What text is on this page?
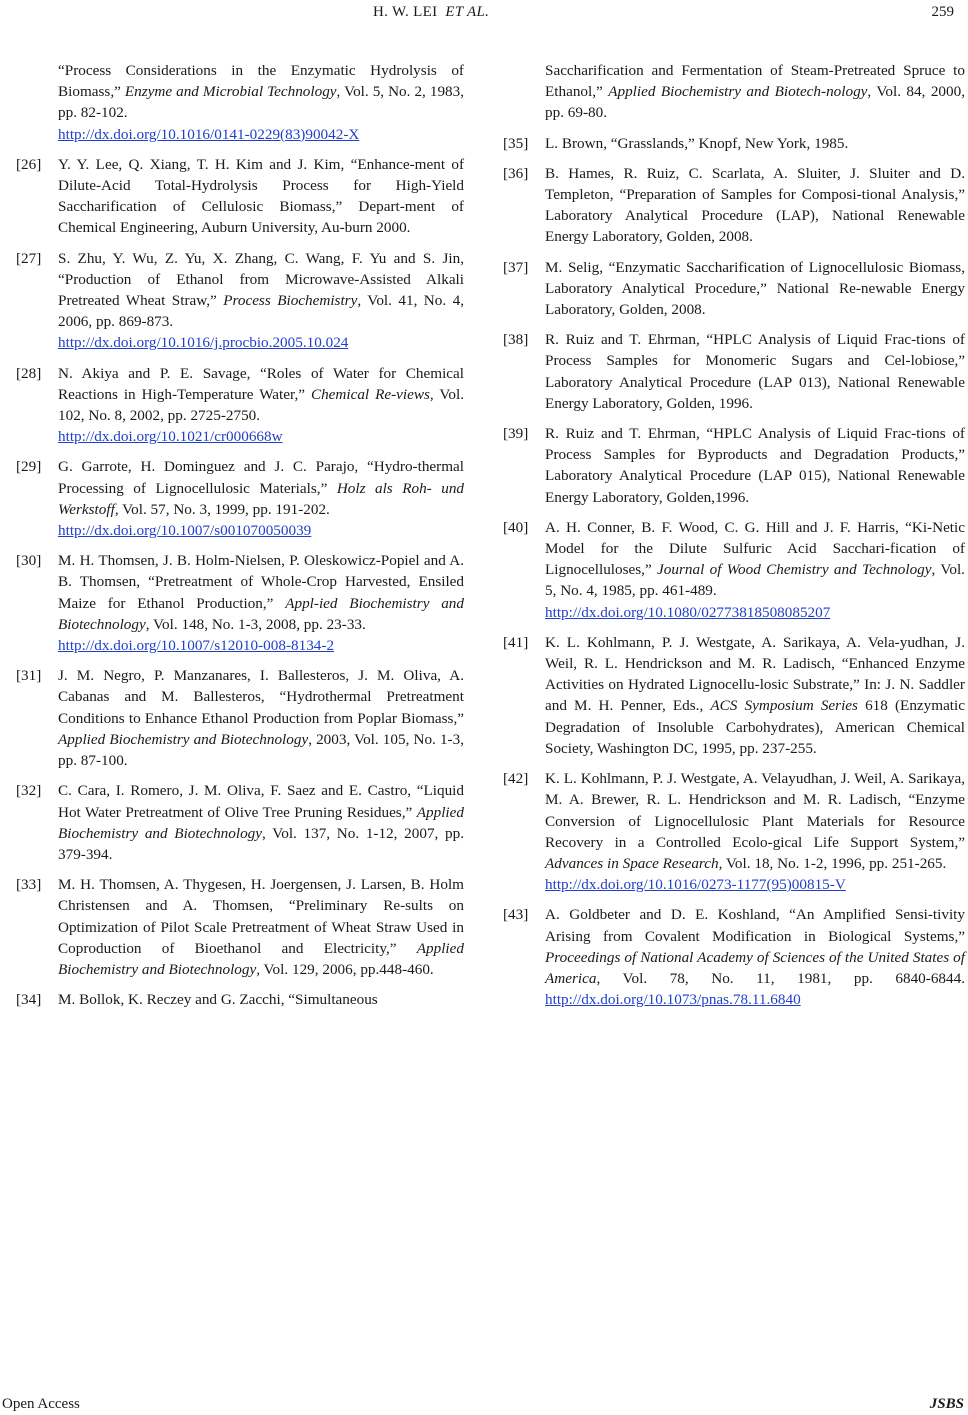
H. W. LEI ET AL.	259
“Process Considerations in the Enzymatic Hydrolysis of Biomass,” Enzyme and Microbial Technology, Vol. 5, No. 2, 1983, pp. 82-102.
http://dx.doi.org/10.1016/0141-0229(83)90042-X
[26]	Y. Y. Lee, Q. Xiang, T. H. Kim and J. Kim, “Enhance-ment of Dilute-Acid Total-Hydrolysis Process for High-Yield Saccharification of Cellulosic Biomass,” Depart-ment of Chemical Engineering, Auburn University, Au-burn 2000.
[27]	S. Zhu, Y. Wu, Z. Yu, X. Zhang, C. Wang, F. Yu and S. Jin, “Production of Ethanol from Microwave-Assisted Alkali Pretreated Wheat Straw,” Process Biochemistry, Vol. 41, No. 4, 2006, pp. 869-873.
http://dx.doi.org/10.1016/j.procbio.2005.10.024
[28]	N. Akiya and P. E. Savage, “Roles of Water for Chemical Reactions in High-Temperature Water,” Chemical Re-views, Vol. 102, No. 8, 2002, pp. 2725-2750.
http://dx.doi.org/10.1021/cr000668w
[29]	G. Garrote, H. Dominguez and J. C. Parajo, “Hydro-thermal Processing of Lignocellulosic Materials,” Holz als Roh- und Werkstoff, Vol. 57, No. 3, 1999, pp. 191-202.
http://dx.doi.org/10.1007/s001070050039
[30]	M. H. Thomsen, J. B. Holm-Nielsen, P. Oleskowicz-Popiel and A. B. Thomsen, “Pretreatment of Whole-Crop Harvested, Ensiled Maize for Ethanol Production,” Appl-ied Biochemistry and Biotechnology, Vol. 148, No. 1-3, 2008, pp. 23-33.
http://dx.doi.org/10.1007/s12010-008-8134-2
[31]	J. M. Negro, P. Manzanares, I. Ballesteros, J. M. Oliva, A. Cabanas and M. Ballesteros, “Hydrothermal Pretreatment Conditions to Enhance Ethanol Production from Poplar Biomass,” Applied Biochemistry and Biotechnology, 2003, Vol. 105, No. 1-3, pp. 87-100.
[32]	C. Cara, I. Romero, J. M. Oliva, F. Saez and E. Castro, “Liquid Hot Water Pretreatment of Olive Tree Pruning Residues,” Applied Biochemistry and Biotechnology, Vol. 137, No. 1-12, 2007, pp. 379-394.
[33]	M. H. Thomsen, A. Thygesen, H. Joergensen, J. Larsen, B. Holm Christensen and A. Thomsen, “Preliminary Re-sults on Optimization of Pilot Scale Pretreatment of Wheat Straw Used in Coproduction of Bioethanol and Electricity,” Applied Biochemistry and Biotechnology, Vol. 129, 2006, pp.448-460.
[34]	M. Bollok, K. Reczey and G. Zacchi, “Simultaneous
Saccharification and Fermentation of Steam-Pretreated Spruce to Ethanol,” Applied Biochemistry and Biotech-nology, Vol. 84, 2000, pp. 69-80.
[35]	L. Brown, “Grasslands,” Knopf, New York, 1985.
[36]	B. Hames, R. Ruiz, C. Scarlata, A. Sluiter, J. Sluiter and D. Templeton, “Preparation of Samples for Composi-tional Analysis,” Laboratory Analytical Procedure (LAP), National Renewable Energy Laboratory, Golden, 2008.
[37]	M. Selig, “Enzymatic Saccharification of Lignocellulosic Biomass, Laboratory Analytical Procedure,” National Re-newable Energy Laboratory, Golden, 2008.
[38]	R. Ruiz and T. Ehrman, “HPLC Analysis of Liquid Frac-tions of Process Samples for Monomeric Sugars and Cel-lobiose,” Laboratory Analytical Procedure (LAP 013), National Renewable Energy Laboratory, Golden, 1996.
[39]	R. Ruiz and T. Ehrman, “HPLC Analysis of Liquid Frac-tions of Process Samples for Byproducts and Degradation Products,” Laboratory Analytical Procedure (LAP 015), National Renewable Energy Laboratory, Golden,1996.
[40]	A. H. Conner, B. F. Wood, C. G. Hill and J. F. Harris, “Ki-Netic Model for the Dilute Sulfuric Acid Sacchari-fication of Lignocelluloses,” Journal of Wood Chemistry and Technology, Vol. 5, No. 4, 1985, pp. 461-489.
http://dx.doi.org/10.1080/02773818508085207
[41]	K. L. Kohlmann, P. J. Westgate, A. Sarikaya, A. Vela-yudhan, J. Weil, R. L. Hendrickson and M. R. Ladisch, “Enhanced Enzyme Activities on Hydrated Lignocellu-losic Substrate,” In: J. N. Saddler and M. H. Penner, Eds., ACS Symposium Series 618 (Enzymatic Degradation of Insoluble Carbohydrates), American Chemical Society, Washington DC, 1995, pp. 237-255.
[42]	K. L. Kohlmann, P. J. Westgate, A. Velayudhan, J. Weil, A. Sarikaya, M. A. Brewer, R. L. Hendrickson and M. R. Ladisch, “Enzyme Conversion of Lignocellulosic Plant Materials for Resource Recovery in a Controlled Ecolo-gical Life Support System,” Advances in Space Research, Vol. 18, No. 1-2, 1996, pp. 251-265.
http://dx.doi.org/10.1016/0273-1177(95)00815-V
[43]	A. Goldbeter and D. E. Koshland, “An Amplified Sensi-tivity Arising from Covalent Modification in Biological Systems,” Proceedings of National Academy of Sciences of the United States of America, Vol. 78, No. 11, 1981, pp. 6840-6844. http://dx.doi.org/10.1073/pnas.78.11.6840
Open Access	JSBS
